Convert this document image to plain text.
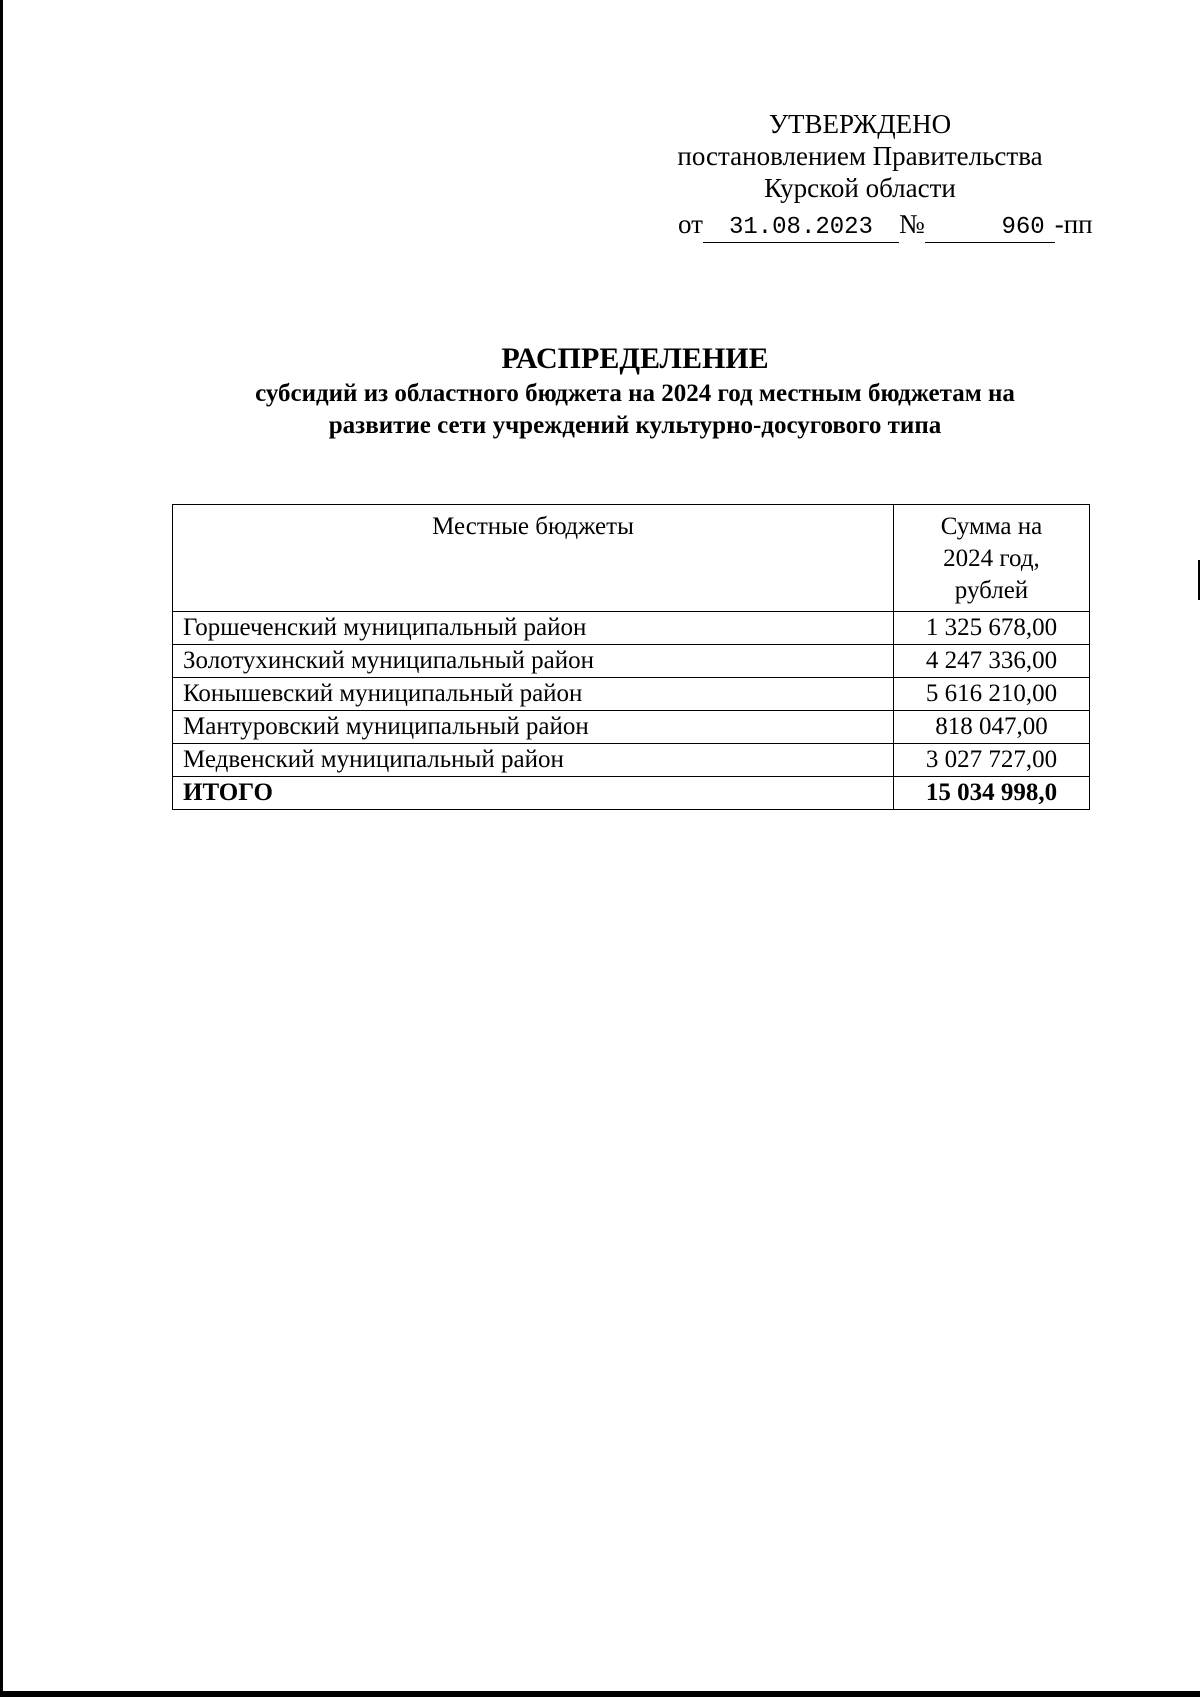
УТВЕРЖДЕНО
постановлением Правительства
Курской области
от 31.08.2023 №	960 -пп
РАСПРЕДЕЛЕНИЕ
субсидий из областного бюджета на 2024 год местным бюджетам на
развитие сети учреждений культурно-досугового типа
Местные бюджеты	Сумма на
2024 год,
рублей

Горшеченский муниципальный район	1 325 678,00
Золотухинский муниципальный район	4 247 336,00
Конышевский муниципальный район	5 616 210,00
Мантуровский муниципальный район	818 047,00
Медвенский муниципальный район	3 027 727,00
ИТОГО	15 034 998,0
